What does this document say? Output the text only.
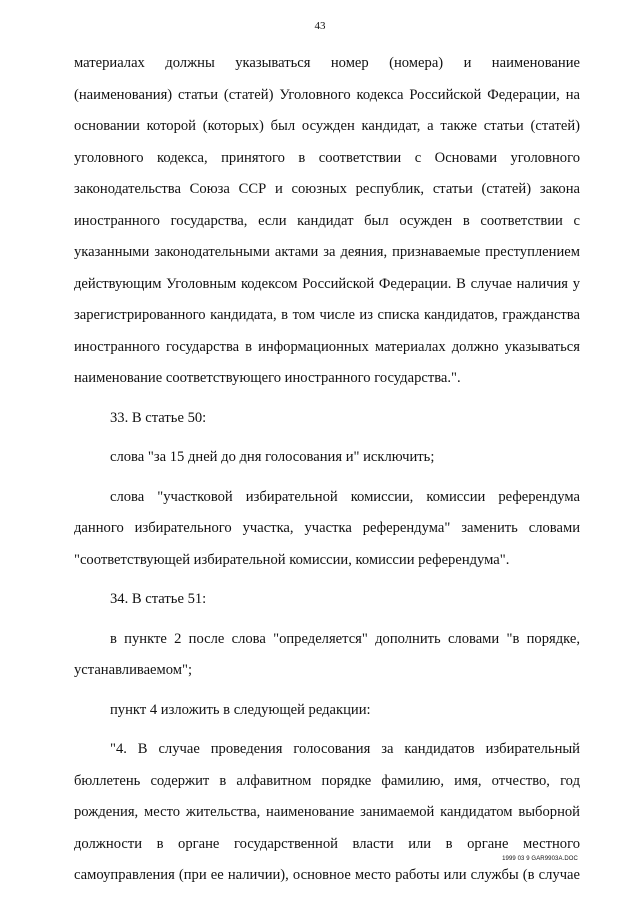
43
материалах должны указываться номер (номера) и наименование
(наименования) статьи (статей) Уголовного кодекса Российской Федерации, на
основании которой (которых) был осужден кандидат, а также статьи (статей)
уголовного кодекса, принятого в соответствии с Основами уголовного
законодательства Союза ССР и союзных республик, статьи (статей) закона
иностранного государства, если кандидат был осужден в соответствии с
указанными законодательными актами за деяния, признаваемые преступлением
действующим Уголовным кодексом Российской Федерации. В случае наличия у
зарегистрированного кандидата, в том числе из списка кандидатов, гражданства
иностранного государства в информационных материалах должно указываться
наименование соответствующего иностранного государства.".
33. В статье 50:
слова "за 15 дней до дня голосования и" исключить;
слова "участковой избирательной комиссии, комиссии референдума
данного избирательного участка, участка референдума" заменить словами
"соответствующей избирательной комиссии, комиссии референдума".
34. В статье 51:
в пункте 2 после слова "определяется" дополнить словами "в порядке,
устанавливаемом";
пункт 4 изложить в следующей редакции:
"4. В случае проведения голосования за кандидатов избирательный
бюллетень содержит в алфавитном порядке фамилию, имя, отчество, год
рождения, место жительства, наименование занимаемой кандидатом выборной
должности в органе государственной власти или в органе местного
самоуправления (при ее наличии), основное место работы или службы (в случае
1999 03 9 GAR9903A.DOC
